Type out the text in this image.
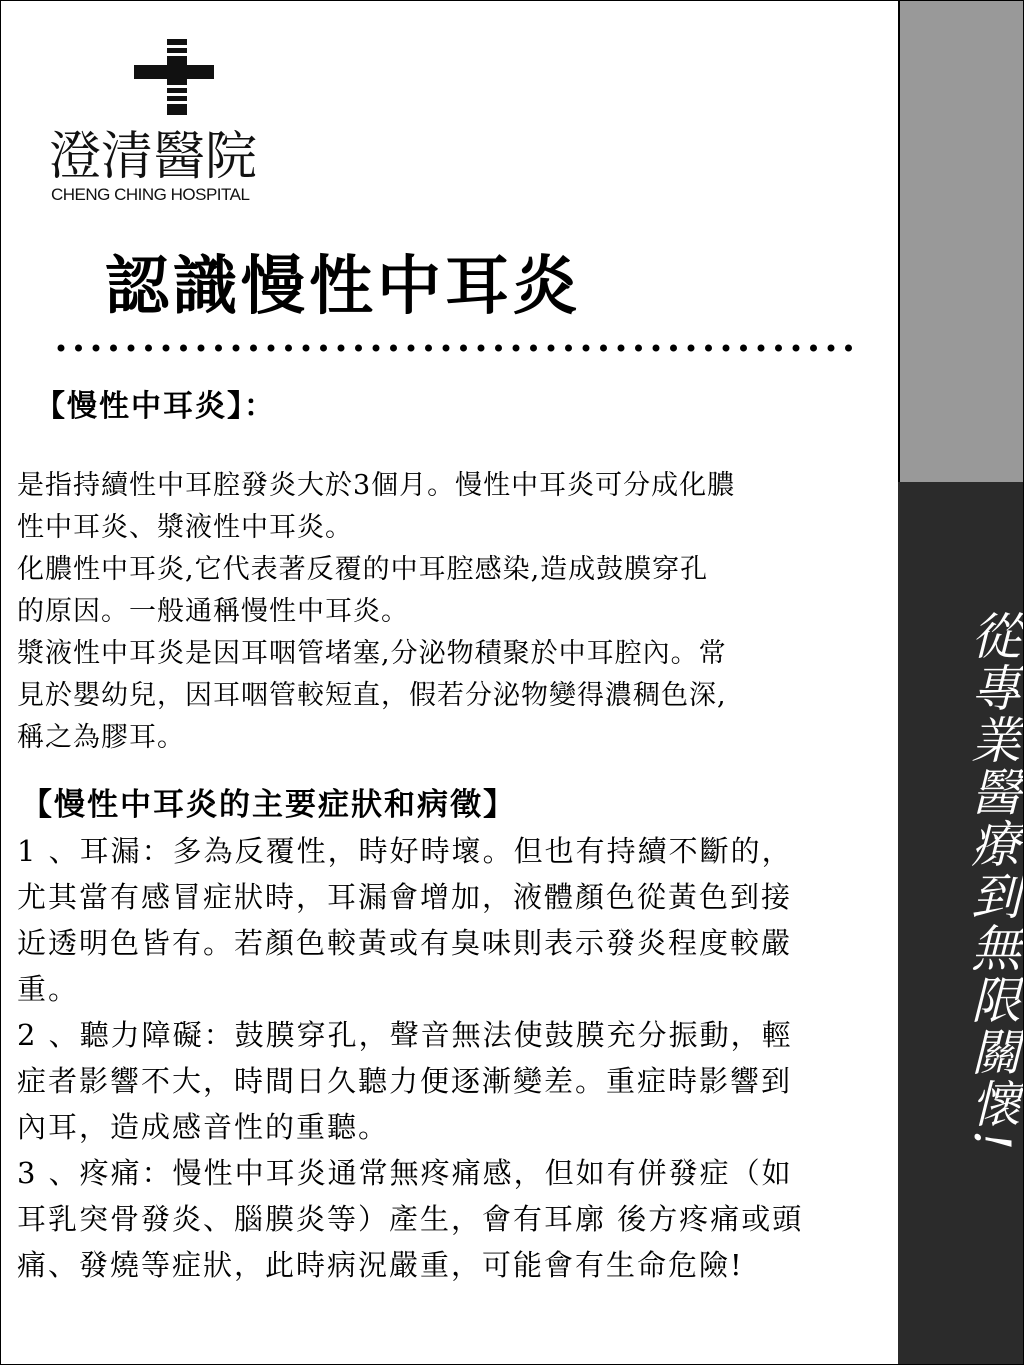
從專業醫療到無限關懷!
澄清醫院
CHENG CHING HOSPITAL
認識慢性中耳炎
【慢性中耳炎】：
是指持續性中耳腔發炎大於3個月。慢性中耳炎可分成化膿
性中耳炎、漿液性中耳炎。
化膿性中耳炎,它代表著反覆的中耳腔感染,造成鼓膜穿孔
的原因。一般通稱慢性中耳炎。
漿液性中耳炎是因耳咽管堵塞,分泌物積聚於中耳腔內。常
見於嬰幼兒，因耳咽管較短直，假若分泌物變得濃稠色深,
稱之為膠耳。
【慢性中耳炎的主要症狀和病徵】
1 、耳漏：多為反覆性，時好時壞。但也有持續不斷的，
尤其當有感冒症狀時，耳漏會增加，液體顏色從黃色到接
近透明色皆有。若顏色較黃或有臭味則表示發炎程度較嚴
重。
2 、聽力障礙：鼓膜穿孔，聲音無法使鼓膜充分振動，輕
症者影響不大，時間日久聽力便逐漸變差。重症時影響到
內耳，造成感音性的重聽。
3 、疼痛：慢性中耳炎通常無疼痛感，但如有併發症（如
耳乳突骨發炎、腦膜炎等）產生，會有耳廓 後方疼痛或頭
痛、發燒等症狀，此時病況嚴重，可能會有生命危險!
